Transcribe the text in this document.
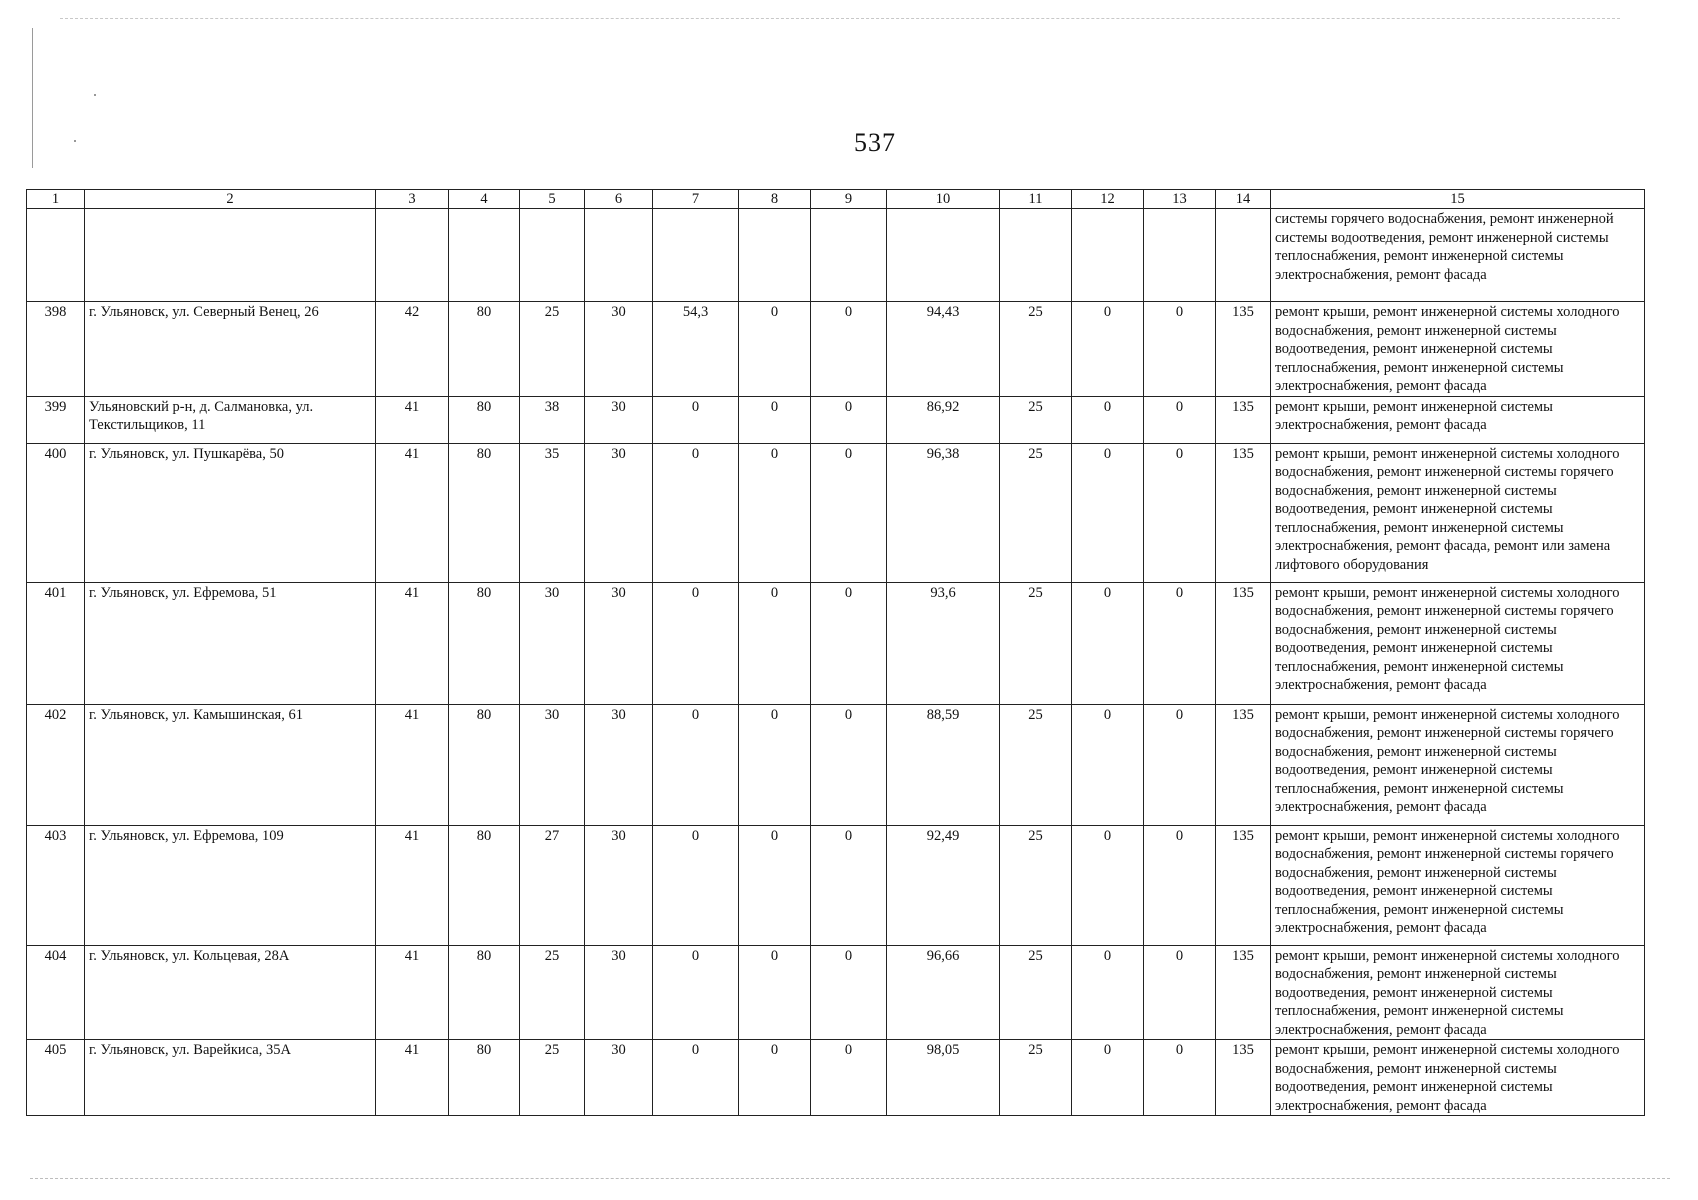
537
1	2	3	4	5	6	7	8	9	10	11	12	13	14	15
														системы горячего водоснабжения, ремонт инженерной системы водоотведения, ремонт инженерной системы теплоснабжения, ремонт инженерной системы электроснабжения, ремонт фасада
398	г. Ульяновск, ул. Северный Венец, 26	42	80	25	30	54,3	0	0	94,43	25	0	0	135	ремонт крыши, ремонт инженерной системы холодного водоснабжения, ремонт инженерной системы водоотведения, ремонт инженерной системы теплоснабжения, ремонт инженерной системы электроснабжения, ремонт фасада
399	Ульяновский р-н, д. Салмановка, ул. Текстильщиков, 11	41	80	38	30	0	0	0	86,92	25	0	0	135	ремонт крыши, ремонт инженерной системы электроснабжения, ремонт фасада
400	г. Ульяновск, ул. Пушкарёва, 50	41	80	35	30	0	0	0	96,38	25	0	0	135	ремонт крыши, ремонт инженерной системы холодного водоснабжения, ремонт инженерной системы горячего водоснабжения, ремонт инженерной системы водоотведения, ремонт инженерной системы теплоснабжения, ремонт инженерной системы электроснабжения, ремонт фасада, ремонт или замена лифтового оборудования
401	г. Ульяновск, ул. Ефремова, 51	41	80	30	30	0	0	0	93,6	25	0	0	135	ремонт крыши, ремонт инженерной системы холодного водоснабжения, ремонт инженерной системы горячего водоснабжения, ремонт инженерной системы водоотведения, ремонт инженерной системы теплоснабжения, ремонт инженерной системы электроснабжения, ремонт фасада
402	г. Ульяновск, ул. Камышинская, 61	41	80	30	30	0	0	0	88,59	25	0	0	135	ремонт крыши, ремонт инженерной системы холодного водоснабжения, ремонт инженерной системы горячего водоснабжения, ремонт инженерной системы водоотведения, ремонт инженерной системы теплоснабжения, ремонт инженерной системы электроснабжения, ремонт фасада
403	г. Ульяновск, ул. Ефремова, 109	41	80	27	30	0	0	0	92,49	25	0	0	135	ремонт крыши, ремонт инженерной системы холодного водоснабжения, ремонт инженерной системы горячего водоснабжения, ремонт инженерной системы водоотведения, ремонт инженерной системы теплоснабжения, ремонт инженерной системы электроснабжения, ремонт фасада
404	г. Ульяновск, ул. Кольцевая, 28А	41	80	25	30	0	0	0	96,66	25	0	0	135	ремонт крыши, ремонт инженерной системы холодного водоснабжения, ремонт инженерной системы водоотведения, ремонт инженерной системы теплоснабжения, ремонт инженерной системы электроснабжения, ремонт фасада
405	г. Ульяновск, ул. Варейкиса, 35А	41	80	25	30	0	0	0	98,05	25	0	0	135	ремонт крыши, ремонт инженерной системы холодного водоснабжения, ремонт инженерной системы водоотведения, ремонт инженерной системы электроснабжения, ремонт фасада
